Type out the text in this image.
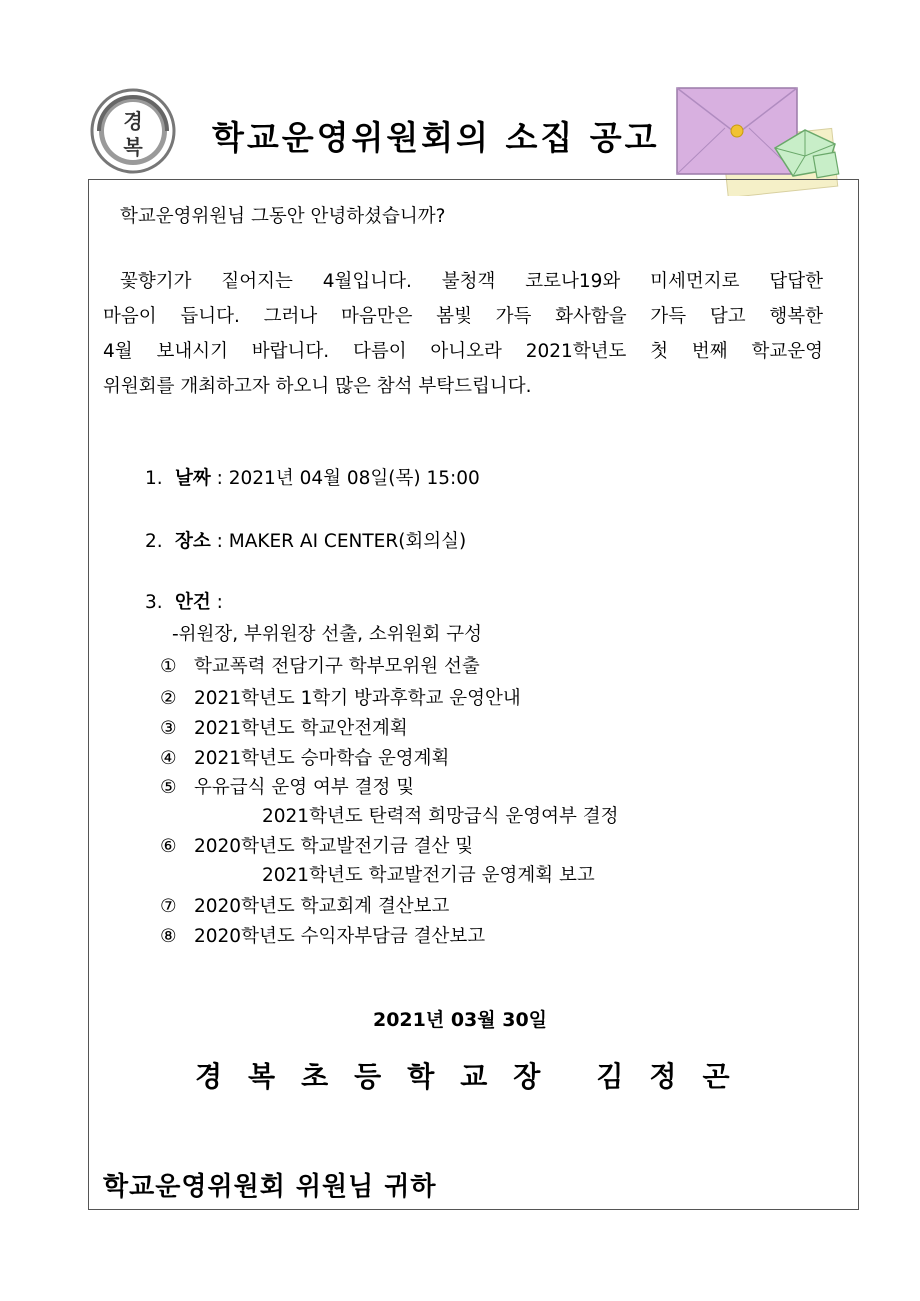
경
복 학교운영위원회의 소집 공고
학교운영위원님 그동안 안녕하셨습니까?
꽃향기가 짙어지는 4월입니다. 불청객 코로나19와 미세먼지로 답답한
마음이 듭니다. 그러나 마음만은 봄빛 가득 화사함을 가득 담고 행복한
4월 보내시기 바랍니다. 다름이 아니오라 2021학년도 첫 번째 학교운영
위원회를 개최하고자 하오니 많은 참석 부탁드립니다.
1. 날짜 : 2021년 04월 08일(목) 15:00
2. 장소 : MAKER AI CENTER(회의실)
3. 안건 :
-위원장, 부위원장 선출, 소위원회 구성
① 학교폭력 전담기구 학부모위원 선출
② 2021학년도 1학기 방과후학교 운영안내
③ 2021학년도 학교안전계획
④ 2021학년도 승마학습 운영계획
⑤ 우유급식 운영 여부 결정 및
2021학년도 탄력적 희망급식 운영여부 결정
⑥ 2020학년도 학교발전기금 결산 및
2021학년도 학교발전기금 운영계획 보고
⑦ 2020학년도 학교회계 결산보고
⑧ 2020학년도 수익자부담금 결산보고
2021년 03월 30일
경복초등학교장 김정곤
학교운영위원회 위원님 귀하
